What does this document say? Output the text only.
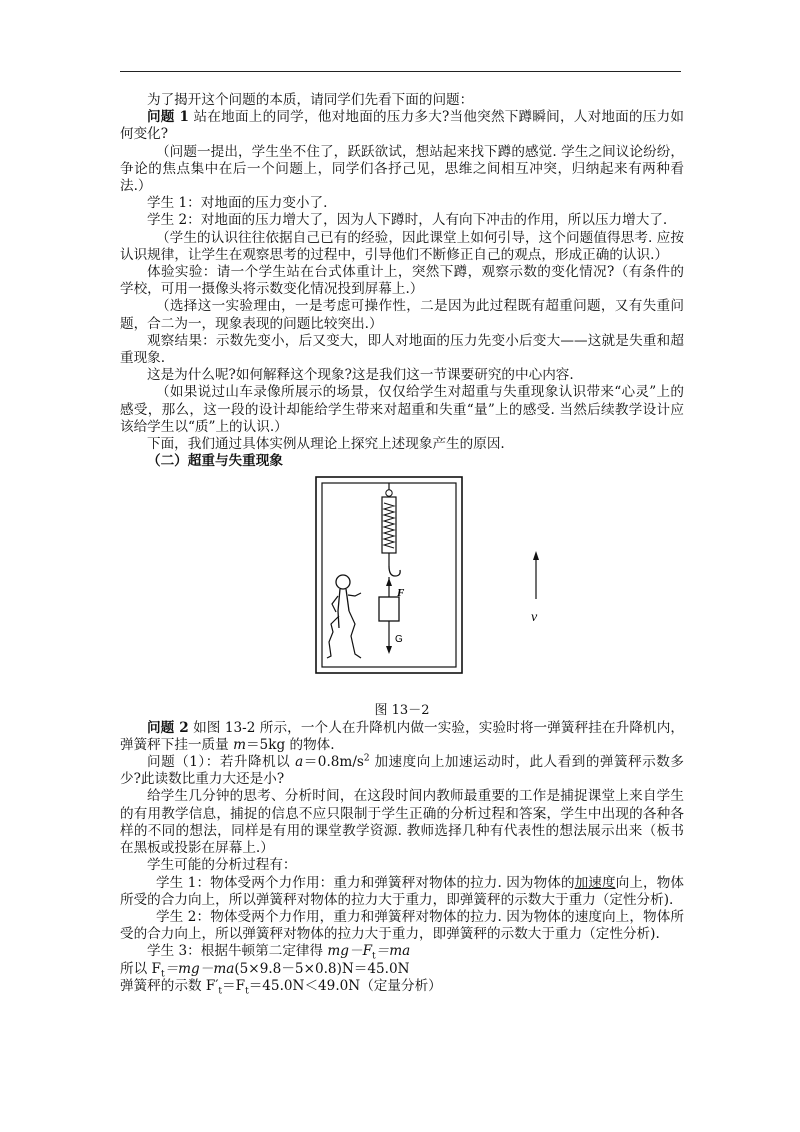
为了揭开这个问题的本质，请同学们先看下面的问题：

问题 1 站在地面上的同学，他对地面的压力多大?当他突然下蹲瞬间，人对地面的压力如何变化?

（问题一提出，学生坐不住了，跃跃欲试，想站起来找下蹲的感觉. 学生之间议论纷纷，争论的焦点集中在后一个问题上，同学们各抒己见，思维之间相互冲突，归纳起来有两种看法.）

学生 1：对地面的压力变小了.

学生 2：对地面的压力增大了，因为人下蹲时，人有向下冲击的作用，所以压力增大了.

（学生的认识往往依据自己已有的经验，因此课堂上如何引导，这个问题值得思考. 应按认识规律，让学生在观察思考的过程中，引导他们不断修正自己的观点，形成正确的认识.）

体验实验：请一个学生站在台式体重计上，突然下蹲，观察示数的变化情况?（有条件的学校，可用一摄像头将示数变化情况投到屏幕上.）

（选择这一实验理由，一是考虑可操作性，二是因为此过程既有超重问题，又有失重问题，合二为一，现象表现的问题比较突出.）

观察结果：示数先变小，后又变大，即人对地面的压力先变小后变大——这就是失重和超重现象.

这是为什么呢?如何解释这个现象?这是我们这一节课要研究的中心内容.

（如果说过山车录像所展示的场景，仅仅给学生对超重与失重现象认识带来“心灵”上的感受，那么，这一段的设计却能给学生带来对超重和失重“量”上的感受. 当然后续教学设计应该给学生以“质”上的认识.）

下面，我们通过具体实例从理论上探究上述现象产生的原因.

（二）超重与失重现象

F
G
v

图 13－2

问题 2 如图 13-2 所示，一个人在升降机内做一实验，实验时将一弹簧秤挂在升降机内，弹簧秤下挂一质量 m＝5kg 的物体.

问题（1）：若升降机以 $a=0.8m/s^2$ 加速度向上加速运动时，此人看到的弹簧秤示数多少?此读数比重力大还是小?

给学生几分钟的思考、分析时间，在这段时间内教师最重要的工作是捕捉课堂上来自学生的有用教学信息，捕捉的信息不应只限制于学生正确的分析过程和答案，学生中出现的各种各样的不同的想法，同样是有用的课堂教学资源. 教师选择几种有代表性的想法展示出来（板书在黑板或投影在屏幕上.）

学生可能的分析过程有：

学生 1：物体受两个力作用：重力和弹簧秤对物体的拉力. 因为物体的加速度向上，物体所受的合力向上，所以弹簧秤对物体的拉力大于重力，即弹簧秤的示数大于重力（定性分析).

学生 2：物体受两个力作用，重力和弹簧秤对物体的拉力. 因为物体的速度向上，物体所受的合力向上，所以弹簧秤对物体的拉力大于重力，即弹簧秤的示数大于重力（定性分析).

学生 3：根据牛顿第二定律得 $mg-F_t=ma$

所以 $F_t=mg-ma(5\times 9.8-5\times 0.8)N=45.0N$

弹簧秤的示数 $F'_t=F_t=45.0N<49.0N$（定量分析）
